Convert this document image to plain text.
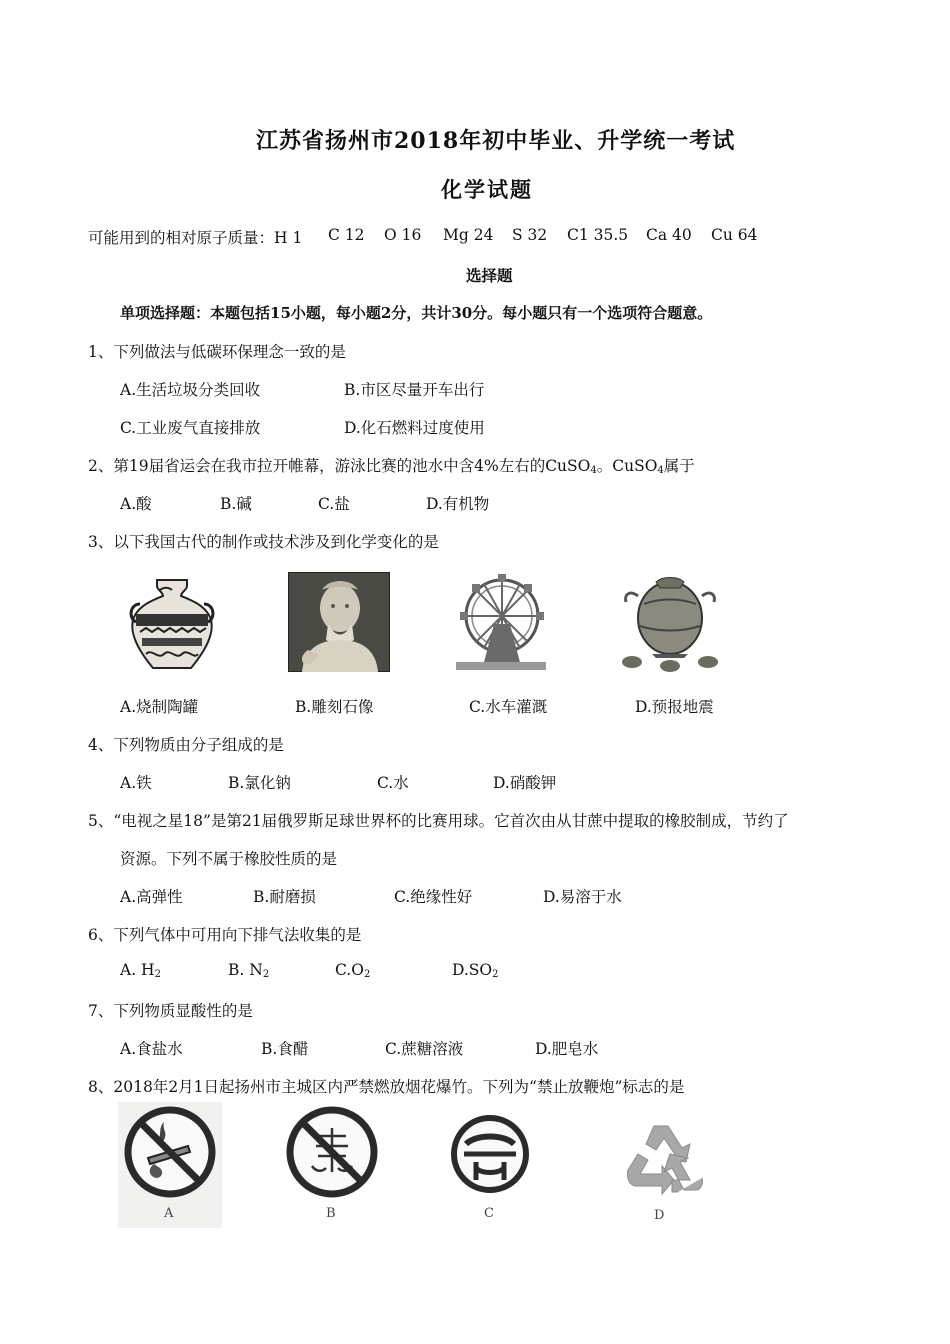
江苏省扬州市2018年初中毕业、升学统一考试
化学试题
可能用到的相对原子质量：H 1 C 12 O 16 Mg 24 S 32 C1 35.5 Ca 40 Cu 64
选择题
单项选择题：本题包括15小题，每小题2分，共计30分。每小题只有一个选项符合题意。
1、下列做法与低碳环保理念一致的是
A.生活垃圾分类回收	B.市区尽量开车出行
C.工业废气直接排放	D.化石燃料过度使用
2、第19届省运会在我市拉开帷幕，游泳比赛的池水中含4%左右的CuSO$_4$。CuSO$_4$属于
A.酸	B.碱	C.盐	D.有机物
3、以下我国古代的制作或技术涉及到化学变化的是
A.烧制陶罐	B.雕刻石像	C.水车灌溉	D.预报地震
4、下列物质由分子组成的是
A.铁	B.氯化钠	C.水	D.硝酸钾
5、“电视之星18”是第21届俄罗斯足球世界杯的比赛用球。它首次由从甘蔗中提取的橡胶制成，节约了
资源。下列不属于橡胶性质的是
A.高弹性	B.耐磨损	C.绝缘性好	D.易溶于水
6、下列气体中可用向下排气法收集的是
A. $H_2$	B. $N_2$	$C.O_2$	$D.SO_2$
7、下列物质显酸性的是
A.食盐水	B.食醋	C.蔗糖溶液	D.肥皂水
8、2018年2月1日起扬州市主城区内严禁燃放烟花爆竹。下列为“禁止放鞭炮”标志的是
A	B	C	D
